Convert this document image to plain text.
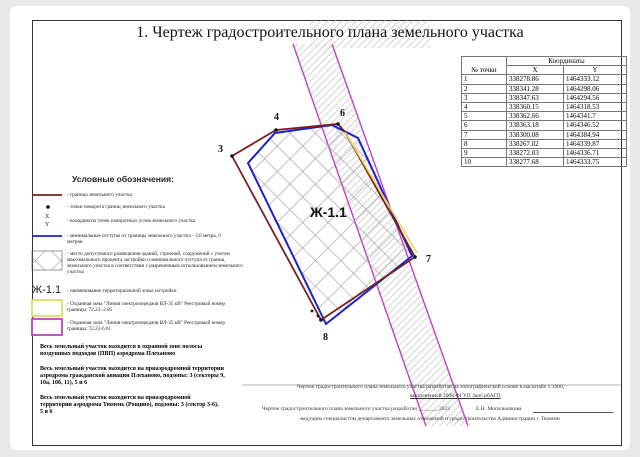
1. Чертеж градостроительного плана земельного участка
Ж-1.1
3
4	6
7
8
Условные обозначения:
- граница земельного участка
- точки поворота границ земельного участка
X
Y
- координаты точек поворотных углов земельного участка
- минимальные отступы от границы земельного участка - 3,0 метра, 0 метров
- место допустимого размещения зданий, строений, сооружений с учетом максимального процента застройки и минимального отступа от границ земельного участка в соответствии с разрешенным использованием земельного участка
Ж-1.1 - наименование территориальной зоны застройки
- Охранная зона "Линия электропередачи ВЛ-35 кВ" Реестровый номер границы: 72.23.-2.85
- Охранная зона "Линия электропередачи ВЛ-35 кВ" Реестровый номер границы: 72.23-6.61
№ точки	Координаты	
	X	Y
1	338278.86	1464333.12
2	338341.28	1464298.06
3	338347.63	1464294.56
4	338360.15	1464318.53
5	338362.66	1464341.7
6	338363.18	1464346.52
7	338300.08	1464384.94
8	338267.02	1464339.87
9	338272.03	1464336.71
10	338277.68	1464333.75
Весь земельный участок находится в охранной зоне полосы воздушных подходов (ПВП) аэродрома Плеханово
Весь земельный участок находится на приаэродромной территории аэродрома гражданской авиации Плеханово, подзоны: 3 (секторы 9, 10а, 10б, 11), 5 и 6
Весь земельный участок находится на приаэродромной территории аэродрома Тюмень (Рощино), подзоны: 3 (сектор 3-6), 5 и 6
Чертеж градостроительного плана земельного участка разработан на топографической основе в масштабе 1:1000,
выполненной 2008 ФГУП ЗапСибАГП
Чертеж градостроительного плана земельного участка разработан________2023	Е.Н. Могильникова
-ведущим специалистом департамента земельных отношений и градостроительства Администрации г. Тюмени
